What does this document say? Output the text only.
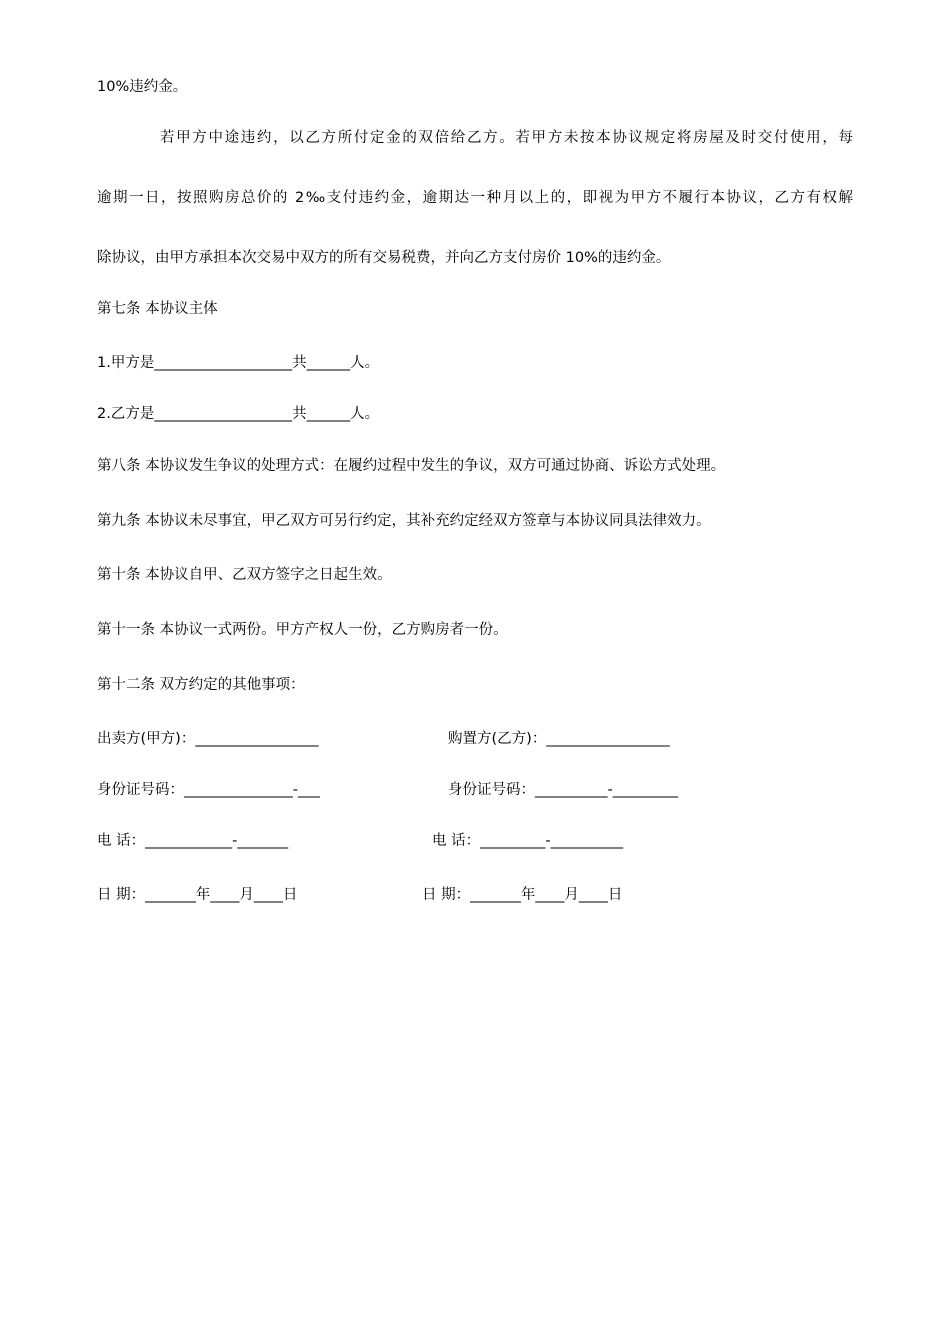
10%违约金。
若甲方中途违约，以乙方所付定金的双倍给乙方。若甲方未按本协议规定将房屋及时交付使用，每
逾期一日，按照购房总价的 2‰支付违约金，逾期达一种月以上的，即视为甲方不履行本协议，乙方有权解
除协议，由甲方承担本次交易中双方的所有交易税费，并向乙方支付房价 10%的违约金。
第七条 本协议主体
1.甲方是___________________共______人。
2.乙方是___________________共______人。
第八条 本协议发生争议的处理方式：在履约过程中发生的争议，双方可通过协商、诉讼方式处理。
第九条 本协议未尽事宜，甲乙双方可另行约定，其补充约定经双方签章与本协议同具法律效力。
第十条 本协议自甲、乙双方签字之日起生效。
第十一条 本协议一式两份。甲方产权人一份，乙方购房者一份。
第十二条 双方约定的其他事项：
出卖方(甲方)：_________________	购置方(乙方)：_________________
身份证号码：_______________-___	身份证号码：__________-_________
电 话：____________-_______	电 话：_________-__________
日 期：_______年____月____日	日 期：_______年____月____日
